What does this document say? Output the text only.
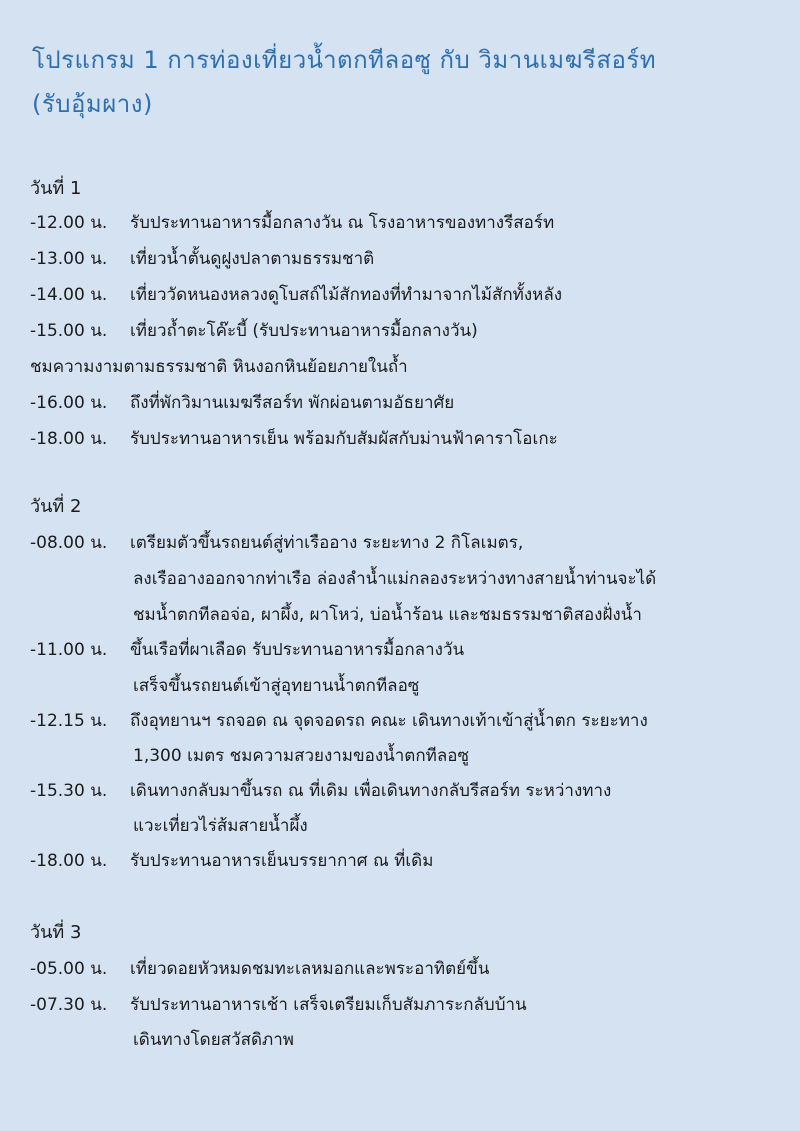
โปรแกรม 1 การท่องเที่ยวน้ำตกทีลอซู กับ วิมานเมฆรีสอร์ท
(รับอุ้มผาง)
วันที่ 1
-12.00 น. รับประทานอาหารมื้อกลางวัน ณ โรงอาหารของทางรีสอร์ท
-13.00 น. เที่ยวน้ำตั้นดูฝูงปลาตามธรรมชาติ
-14.00 น. เที่ยววัดหนองหลวงดูโบสถ์ไม้สักทองที่ทำมาจากไม้สักทั้งหลัง
-15.00 น. เที่ยวถ้ำตะโค๊ะบี้ (รับประทานอาหารมื้อกลางวัน)
ชมความงามตามธรรมชาติ หินงอกหินย้อยภายในถ้ำ
-16.00 น. ถึงที่พักวิมานเมฆรีสอร์ท พักผ่อนตามอัธยาศัย
-18.00 น. รับประทานอาหารเย็น พร้อมกับสัมผัสกับม่านฟ้าคาราโอเกะ
วันที่ 2
-08.00 น. เตรียมตัวขึ้นรถยนต์สู่ท่าเรืออาง ระยะทาง 2 กิโลเมตร,
ลงเรืออางออกจากท่าเรือ ล่องลำน้ำแม่กลองระหว่างทางสายน้ำท่านจะได้
ชมน้ำตกทีลอจ่อ, ผาผึ้ง, ผาโหว่, บ่อน้ำร้อน และชมธรรมชาติสองฝั่งน้ำ
-11.00 น. ขึ้นเรือที่ผาเลือด รับประทานอาหารมื้อกลางวัน
เสร็จขึ้นรถยนต์เข้าสู่อุทยานน้ำตกทีลอซู
-12.15 น. ถึงอุทยานฯ รถจอด ณ จุดจอดรถ คณะ เดินทางเท้าเข้าสู่น้ำตก ระยะทาง
1,300 เมตร ชมความสวยงามของน้ำตกทีลอซู
-15.30 น. เดินทางกลับมาขึ้นรถ ณ ที่เดิม เพื่อเดินทางกลับรีสอร์ท ระหว่างทาง
แวะเที่ยวไร่ส้มสายน้ำผึ้ง
-18.00 น. รับประทานอาหารเย็นบรรยากาศ ณ ที่เดิม
วันที่ 3
-05.00 น. เที่ยวดอยหัวหมดชมทะเลหมอกและพระอาทิตย์ขึ้น
-07.30 น. รับประทานอาหารเช้า เสร็จเตรียมเก็บสัมภาระกลับบ้าน
เดินทางโดยสวัสดิภาพ
